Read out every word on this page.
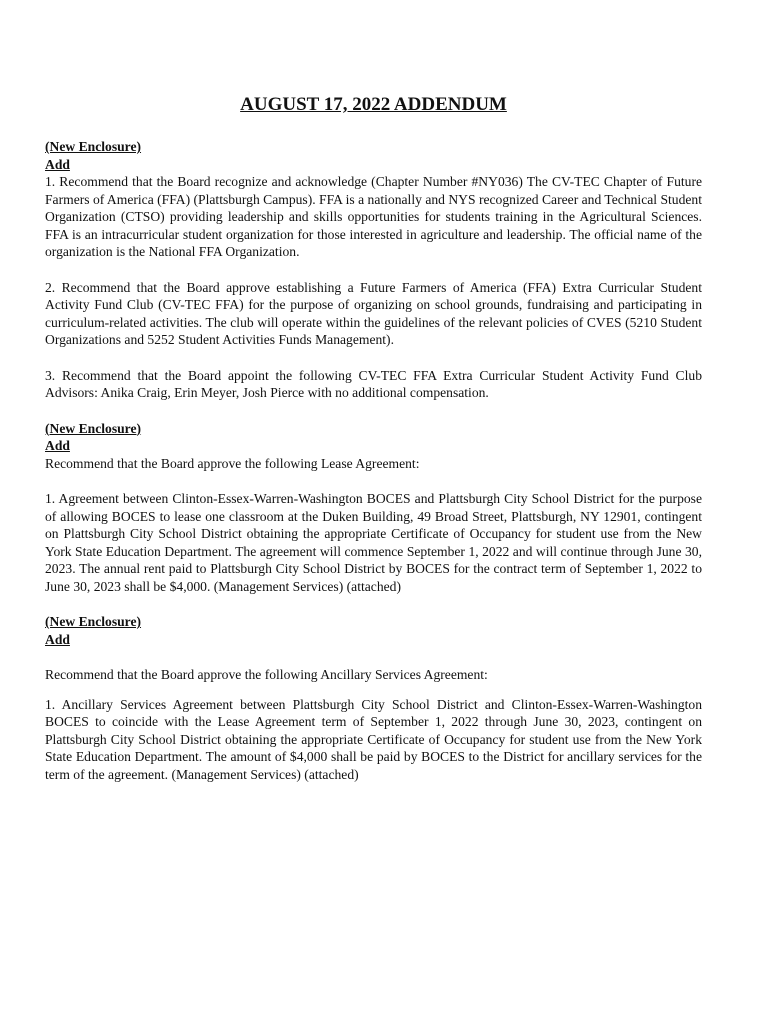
AUGUST 17, 2022 ADDENDUM
(New Enclosure)
Add

1. Recommend that the Board recognize and acknowledge (Chapter Number #NY036) The CV-TEC Chapter of Future Farmers of America (FFA) (Plattsburgh Campus). FFA is a nationally and NYS recognized Career and Technical Student Organization (CTSO) providing leadership and skills opportunities for students training in the Agricultural Sciences. FFA is an intracurricular student organization for those interested in agriculture and leadership. The official name of the organization is the National FFA Organization.

2. Recommend that the Board approve establishing a Future Farmers of America (FFA) Extra Curricular Student Activity Fund Club (CV-TEC FFA) for the purpose of organizing on school grounds, fundraising and participating in curriculum-related activities. The club will operate within the guidelines of the relevant policies of CVES (5210 Student Organizations and 5252 Student Activities Funds Management).

3. Recommend that the Board appoint the following CV-TEC FFA Extra Curricular Student Activity Fund Club Advisors: Anika Craig, Erin Meyer, Josh Pierce with no additional compensation.

(New Enclosure)
Add

Recommend that the Board approve the following Lease Agreement:

1. Agreement between Clinton-Essex-Warren-Washington BOCES and Plattsburgh City School District for the purpose of allowing BOCES to lease one classroom at the Duken Building, 49 Broad Street, Plattsburgh, NY 12901, contingent on Plattsburgh City School District obtaining the appropriate Certificate of Occupancy for student use from the New York State Education Department. The agreement will commence September 1, 2022 and will continue through June 30, 2023. The annual rent paid to Plattsburgh City School District by BOCES for the contract term of September 1, 2022 to June 30, 2023 shall be $4,000. (Management Services) (attached)

(New Enclosure)
Add

Recommend that the Board approve the following Ancillary Services Agreement:

1. Ancillary Services Agreement between Plattsburgh City School District and Clinton-Essex-Warren-Washington BOCES to coincide with the Lease Agreement term of September 1, 2022 through June 30, 2023, contingent on Plattsburgh City School District obtaining the appropriate Certificate of Occupancy for student use from the New York State Education Department. The amount of $4,000 shall be paid by BOCES to the District for ancillary services for the term of the agreement. (Management Services) (attached)
